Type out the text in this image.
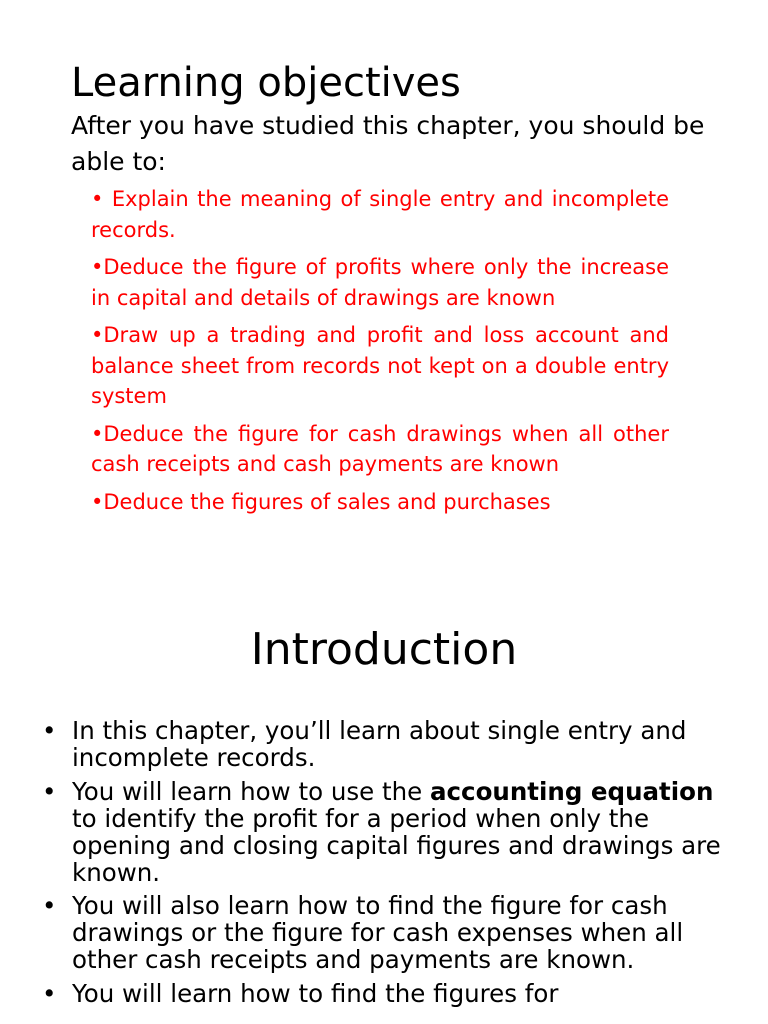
Learning objectives

After you have studied this chapter, you should be able to:

• Explain the meaning of single entry and incomplete records.
•Deduce the figure of profits where only the increase in capital and details of drawings are known
•Draw up a trading and profit and loss account and balance sheet from records not kept on a double entry system
•Deduce the figure for cash drawings when all other cash receipts and cash payments are known
•Deduce the figures of sales and purchases
Introduction
• In this chapter, you’ll learn about single entry and incomplete records.
• You will learn how to use the accounting equation to identify the profit for a period when only the opening and closing capital figures and drawings are known.
• You will also learn how to find the figure for cash drawings or the figure for cash expenses when all other cash receipts and payments are known.
• You will learn how to find the figures for
